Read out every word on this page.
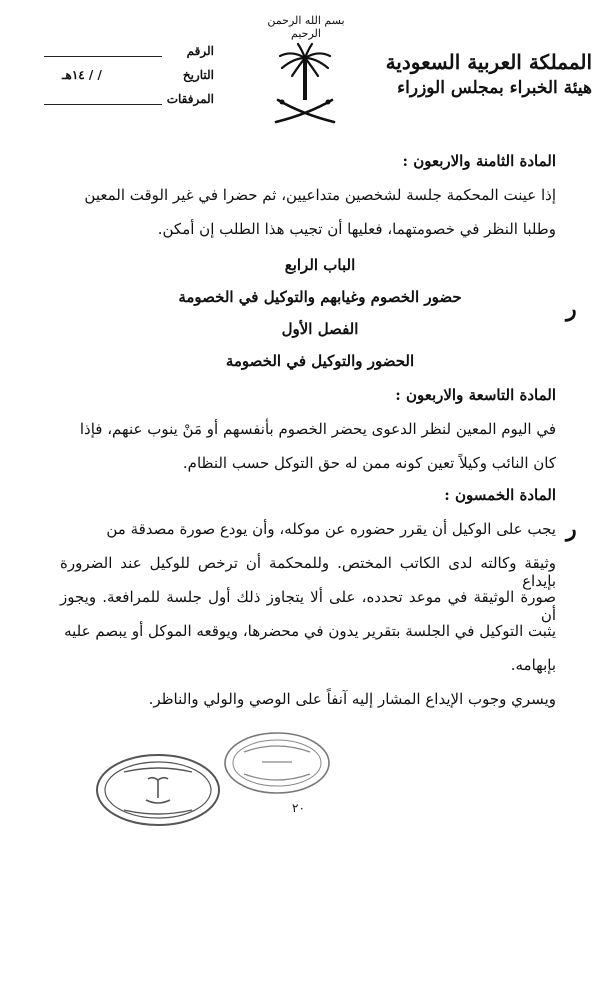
بسم الله الرحمن الرحيم
المملكة العربية السعودية
هيئة الخبراء بمجلس الوزراء
الرقم
التاريخ
/ / ١٤هـ
المرفقات
المادة الثامنة والاربعون :
إذا عينت المحكمة جلسة لشخصين متداعيين، ثم حضرا في غير الوقت المعين
وطلبا النظر في خصومتهما، فعليها أن تجيب هذا الطلب إن أمكن.
الباب الرابع
حضور الخصوم وغيابهم والتوكيل في الخصومة	ر
الفصل الأول
الحضور والتوكيل في الخصومة
المادة التاسعة والاربعون :
في اليوم المعين لنظر الدعوى يحضر الخصوم بأنفسهم أو مَنْ ينوب عنهم، فإذا
كان النائب وكيلاً تعين كونه ممن له حق التوكل حسب النظام.
المادة الخمسون :
ر
يجب على الوكيل أن يقرر حضوره عن موكله، وأن يودع صورة مصدقة من
وثيقة وكالته لدى الكاتب المختص. وللمحكمة أن ترخص للوكيل عند الضرورة بإيداع
صورة الوثيقة في موعد تحدده، على ألا يتجاوز ذلك أول جلسة للمرافعة. ويجوز أن
يثبت التوكيل في الجلسة بتقرير يدون في محضرها، ويوقعه الموكل أو يبصم عليه
بإبهامه.
ويسري وجوب الإيداع المشار إليه آنفاً على الوصي والولي والناظر.
٢٠
